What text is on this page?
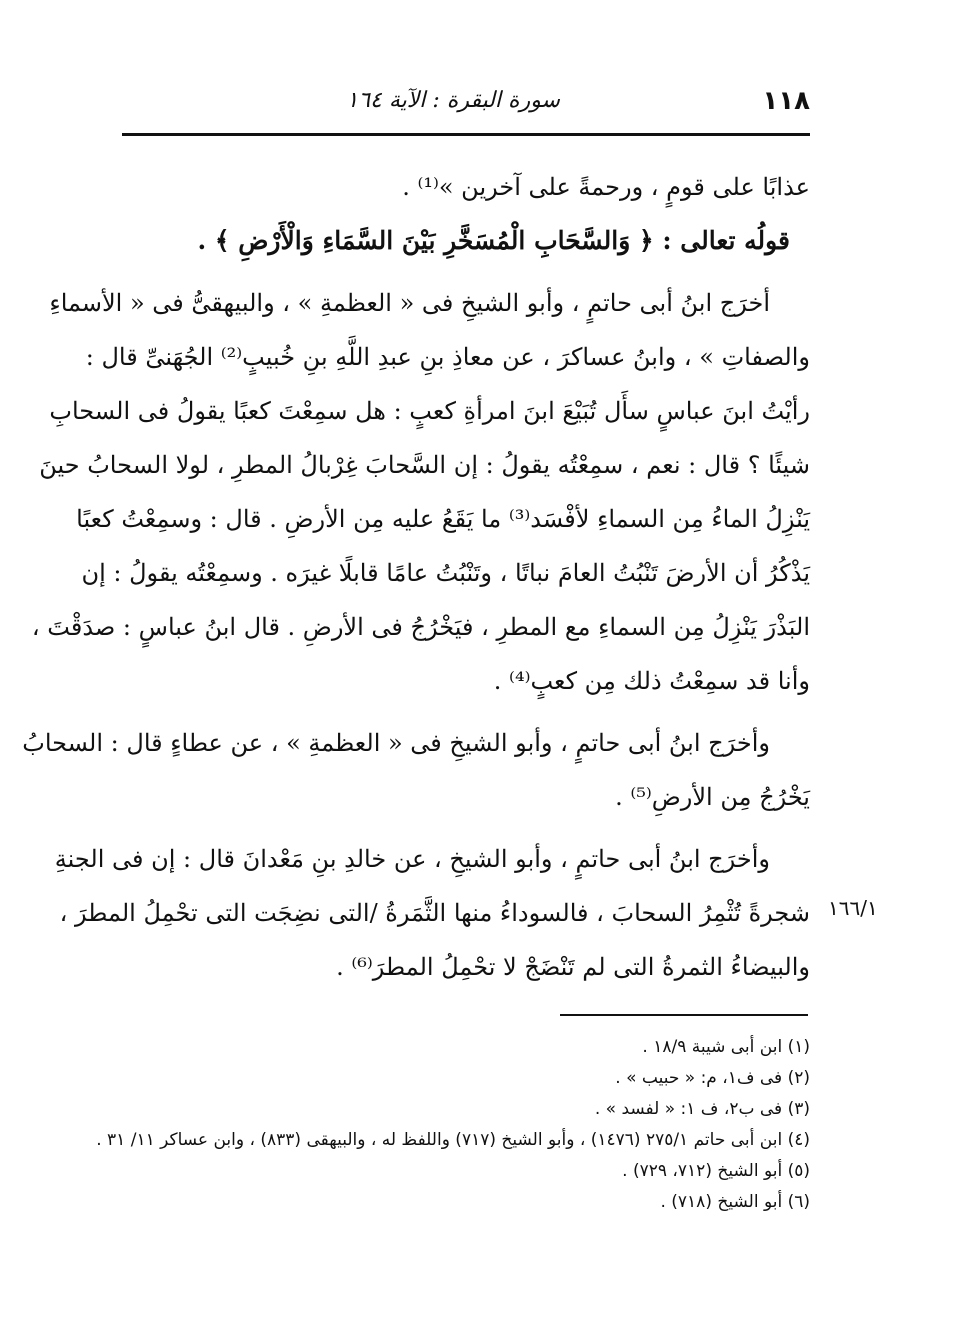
١١٨
سورة البقرة : الآية ١٦٤

عذابًا على قومٍ ، ورحمةً على آخرين »⁽¹⁾ .
قولُه تعالى : ﴿ وَالسَّحَابِ الْمُسَخَّرِ بَيْنَ السَّمَاءِ وَالْأَرْضِ ﴾ .

أخرَج ابنُ أبى حاتمٍ ، وأبو الشيخِ فى « العظمةِ » ، والبيهقىُّ فى « الأسماءِ
والصفاتِ » ، وابنُ عساكرَ ، عن معاذِ بنِ عبدِ اللَّهِ بنِ خُبيبٍ⁽²⁾ الجُهَنىِّ قال :
رأيْتُ ابنَ عباسٍ سأَل تُبَيْعَ ابنَ امرأةِ كعبٍ : هل سمِعْتَ كعبًا يقولُ فى السحابِ
شيئًا ؟ قال : نعم ، سمِعْتُه يقولُ : إن السَّحابَ غِرْبالُ المطرِ ، لولا السحابُ حينَ
يَنْزِلُ الماءُ مِن السماءِ لأفْسَد⁽³⁾ ما يَقَعُ عليه مِن الأرضِ . قال : وسمِعْتُ كعبًا
يَذْكُرُ أن الأرضَ تَنْبُتُ العامَ نباتًا ، وتَنْبُتُ عامًا قابلًا غيرَه . وسمِعْتُه يقولُ : إن
البَذْرَ يَنْزِلُ مِن السماءِ مع المطرِ ، فيَخْرُجُ فى الأرضِ . قال ابنُ عباسٍ : صدَقْتَ ،
وأنا قد سمِعْتُ ذلك مِن كعبٍ⁽⁴⁾ .

وأخرَج ابنُ أبى حاتمٍ ، وأبو الشيخِ فى « العظمةِ » ، عن عطاءٍ قال : السحابُ
يَخْرُجُ مِن الأرضِ⁽⁵⁾ .

وأخرَج ابنُ أبى حاتمٍ ، وأبو الشيخِ ، عن خالدِ بنِ مَعْدانَ قال : إن فى الجنةِ
شجرةً تُثْمِرُ السحابَ ، فالسوداءُ منها الثَّمَرةُ /التى نضِجَت التى تحْمِلُ المطرَ ،
والبيضاءُ الثمرةُ التى لم تَنْضَجْ لا تحْمِلُ المطرَ⁽⁶⁾ .

١٦٦/١
(١) ابن أبى شيبة ١٨/٩ .
(٢) فى ف١، م: « حبيب » .
(٣) فى ب٢، ف ١: « لفسد » .
(٤) ابن أبى حاتم ٢٧٥/١ (١٤٧٦) ، وأبو الشيخ (٧١٧) واللفظ له ، والبيهقى (٨٣٣) ، وابن عساكر ١١/ ٣١ .
(٥) أبو الشيخ (٧١٢، ٧٢٩) .
(٦) أبو الشيخ (٧١٨) .
